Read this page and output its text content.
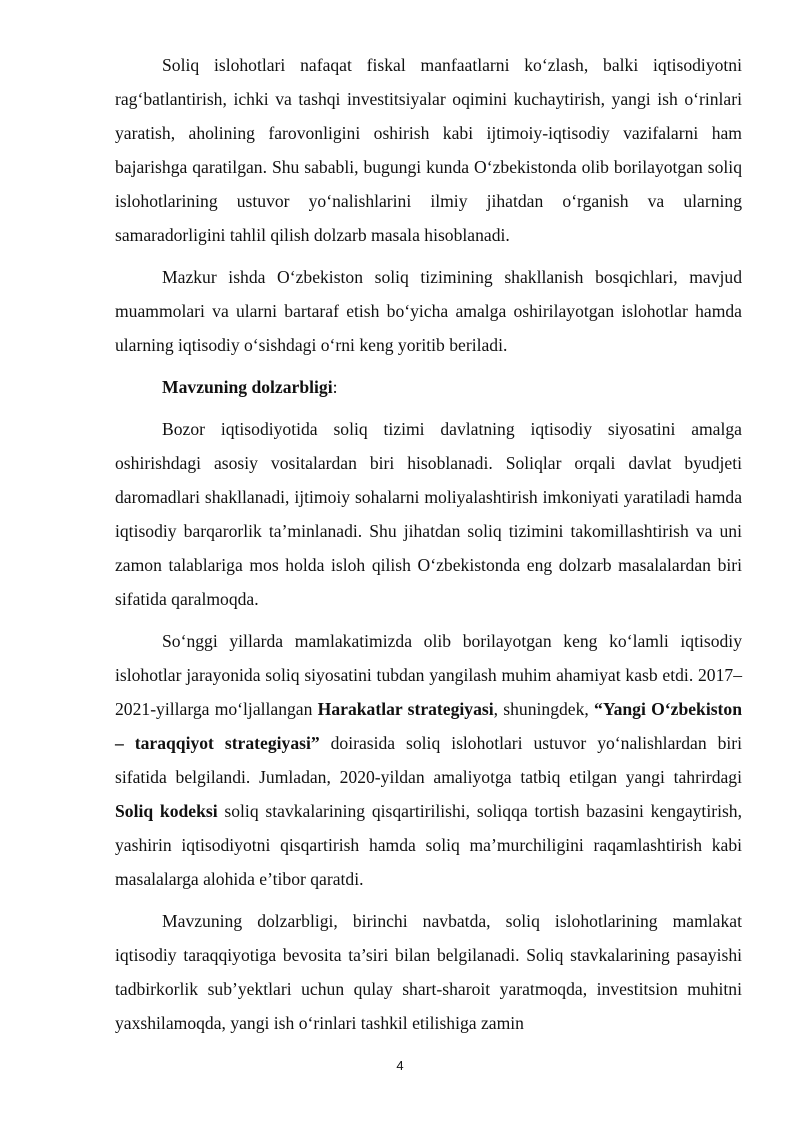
Soliq islohotlari nafaqat fiskal manfaatlarni ko‘zlash, balki iqtisodiyotni rag‘batlantirish, ichki va tashqi investitsiyalar oqimini kuchaytirish, yangi ish o‘rinlari yaratish, aholining farovonligini oshirish kabi ijtimoiy-iqtisodiy vazifalarni ham bajarishga qaratilgan. Shu sababli, bugungi kunda O‘zbekistonda olib borilayotgan soliq islohotlarining ustuvor yo‘nalishlarini ilmiy jihatdan o‘rganish va ularning samaradorligini tahlil qilish dolzarb masala hisoblanadi.

Mazkur ishda O‘zbekiston soliq tizimining shakllanish bosqichlari, mavjud muammolari va ularni bartaraf etish bo‘yicha amalga oshirilayotgan islohotlar hamda ularning iqtisodiy o‘sishdagi o‘rni keng yoritib beriladi.

Mavzuning dolzarbligi:

Bozor iqtisodiyotida soliq tizimi davlatning iqtisodiy siyosatini amalga oshirishdagi asosiy vositalardan biri hisoblanadi. Soliqlar orqali davlat byudjeti daromadlari shakllanadi, ijtimoiy sohalarni moliyalashtirish imkoniyati yaratiladi hamda iqtisodiy barqarorlik ta’minlanadi. Shu jihatdan soliq tizimini takomillashtirish va uni zamon talablariga mos holda isloh qilish O‘zbekistonda eng dolzarb masalalardan biri sifatida qaralmoqda.

So‘nggi yillarda mamlakatimizda olib borilayotgan keng ko‘lamli iqtisodiy islohotlar jarayonida soliq siyosatini tubdan yangilash muhim ahamiyat kasb etdi. 2017–2021-yillarga mo‘ljallangan Harakatlar strategiyasi, shuningdek, “Yangi O‘zbekiston – taraqqiyot strategiyasi” doirasida soliq islohotlari ustuvor yo‘nalishlardan biri sifatida belgilandi. Jumladan, 2020-yildan amaliyotga tatbiq etilgan yangi tahrirdagi Soliq kodeksi soliq stavkalarining qisqartirilishi, soliqqa tortish bazasini kengaytirish, yashirin iqtisodiyotni qisqartirish hamda soliq ma’murchiligini raqamlashtirish kabi masalalarga alohida e’tibor qaratdi.

Mavzuning dolzarbligi, birinchi navbatda, soliq islohotlarining mamlakat iqtisodiy taraqqiyotiga bevosita ta’siri bilan belgilanadi. Soliq stavkalarining pasayishi tadbirkorlik sub’yektlari uchun qulay shart-sharoit yaratmoqda, investitsion muhitni yaxshilamoqda, yangi ish o‘rinlari tashkil etilishiga zamin

4
